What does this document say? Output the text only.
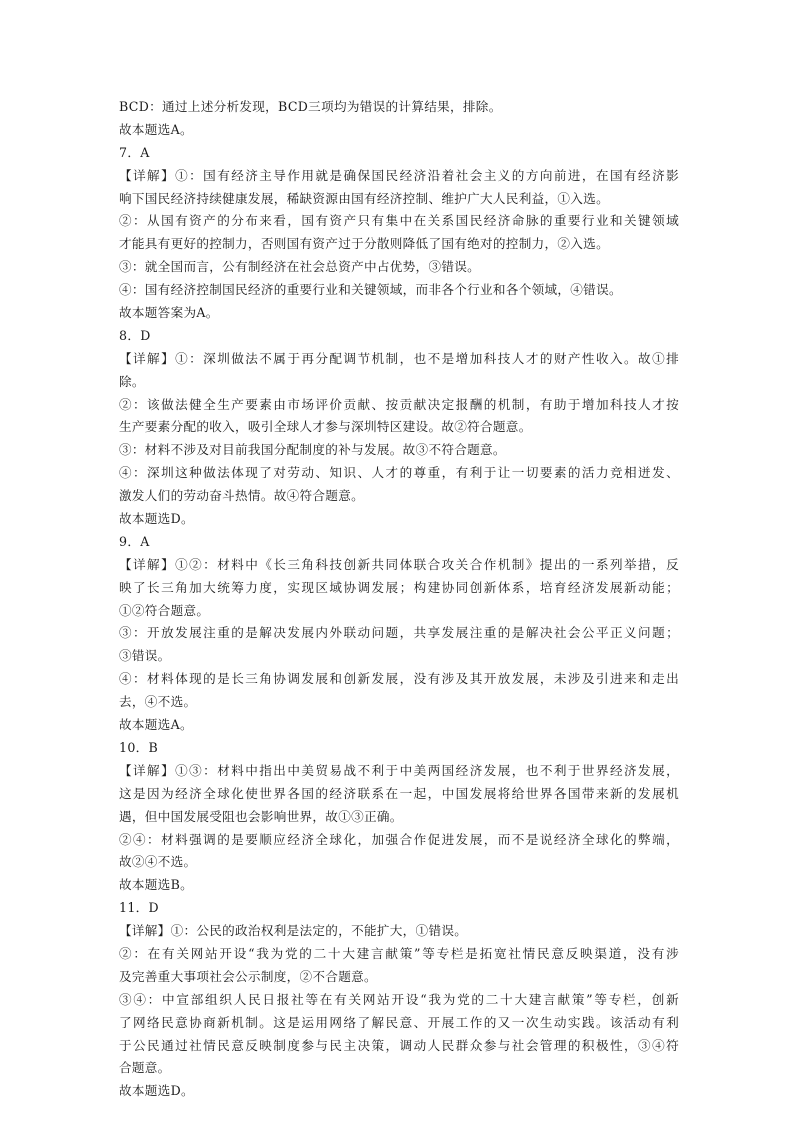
BCD：通过上述分析发现，BCD三项均为错误的计算结果，排除。
故本题选A。
7．A
【详解】①：国有经济主导作用就是确保国民经济沿着社会主义的方向前进，在国有经济影
响下国民经济持续健康发展，稀缺资源由国有经济控制、维护广大人民利益，①入选。
②：从国有资产的分布来看，国有资产只有集中在关系国民经济命脉的重要行业和关键领域
才能具有更好的控制力，否则国有资产过于分散则降低了国有绝对的控制力，②入选。
③：就全国而言，公有制经济在社会总资产中占优势，③错误。
④：国有经济控制国民经济的重要行业和关键领域，而非各个行业和各个领域，④错误。
故本题答案为A。
8．D
【详解】①：深圳做法不属于再分配调节机制，也不是增加科技人才的财产性收入。故①排
除。
②：该做法健全生产要素由市场评价贡献、按贡献决定报酬的机制，有助于增加科技人才按
生产要素分配的收入，吸引全球人才参与深圳特区建设。故②符合题意。
③：材料不涉及对目前我国分配制度的补与发展。故③不符合题意。
④：深圳这种做法体现了对劳动、知识、人才的尊重，有利于让一切要素的活力竞相迸发、
激发人们的劳动奋斗热情。故④符合题意。
故本题选D。
9．A
【详解】①②：材料中《长三角科技创新共同体联合攻关合作机制》提出的一系列举措，反
映了长三角加大统筹力度，实现区域协调发展；构建协同创新体系，培育经济发展新动能；
①②符合题意。
③：开放发展注重的是解决发展内外联动问题，共享发展注重的是解决社会公平正义问题；
③错误。
④：材料体现的是长三角协调发展和创新发展，没有涉及其开放发展，未涉及引进来和走出
去，④不选。
故本题选A。
10．B
【详解】①③：材料中指出中美贸易战不利于中美两国经济发展，也不利于世界经济发展，
这是因为经济全球化使世界各国的经济联系在一起，中国发展将给世界各国带来新的发展机
遇，但中国发展受阻也会影响世界，故①③正确。
②④：材料强调的是要顺应经济全球化，加强合作促进发展，而不是说经济全球化的弊端，
故②④不选。
故本题选B。
11．D
【详解】①：公民的政治权利是法定的，不能扩大，①错误。
②：在有关网站开设“我为党的二十大建言献策”等专栏是拓宽社情民意反映渠道，没有涉
及完善重大事项社会公示制度，②不合题意。
③④：中宣部组织人民日报社等在有关网站开设“我为党的二十大建言献策”等专栏，创新
了网络民意协商新机制。这是运用网络了解民意、开展工作的又一次生动实践。该活动有利
于公民通过社情民意反映制度参与民主决策，调动人民群众参与社会管理的积极性，③④符
合题意。
故本题选D。
